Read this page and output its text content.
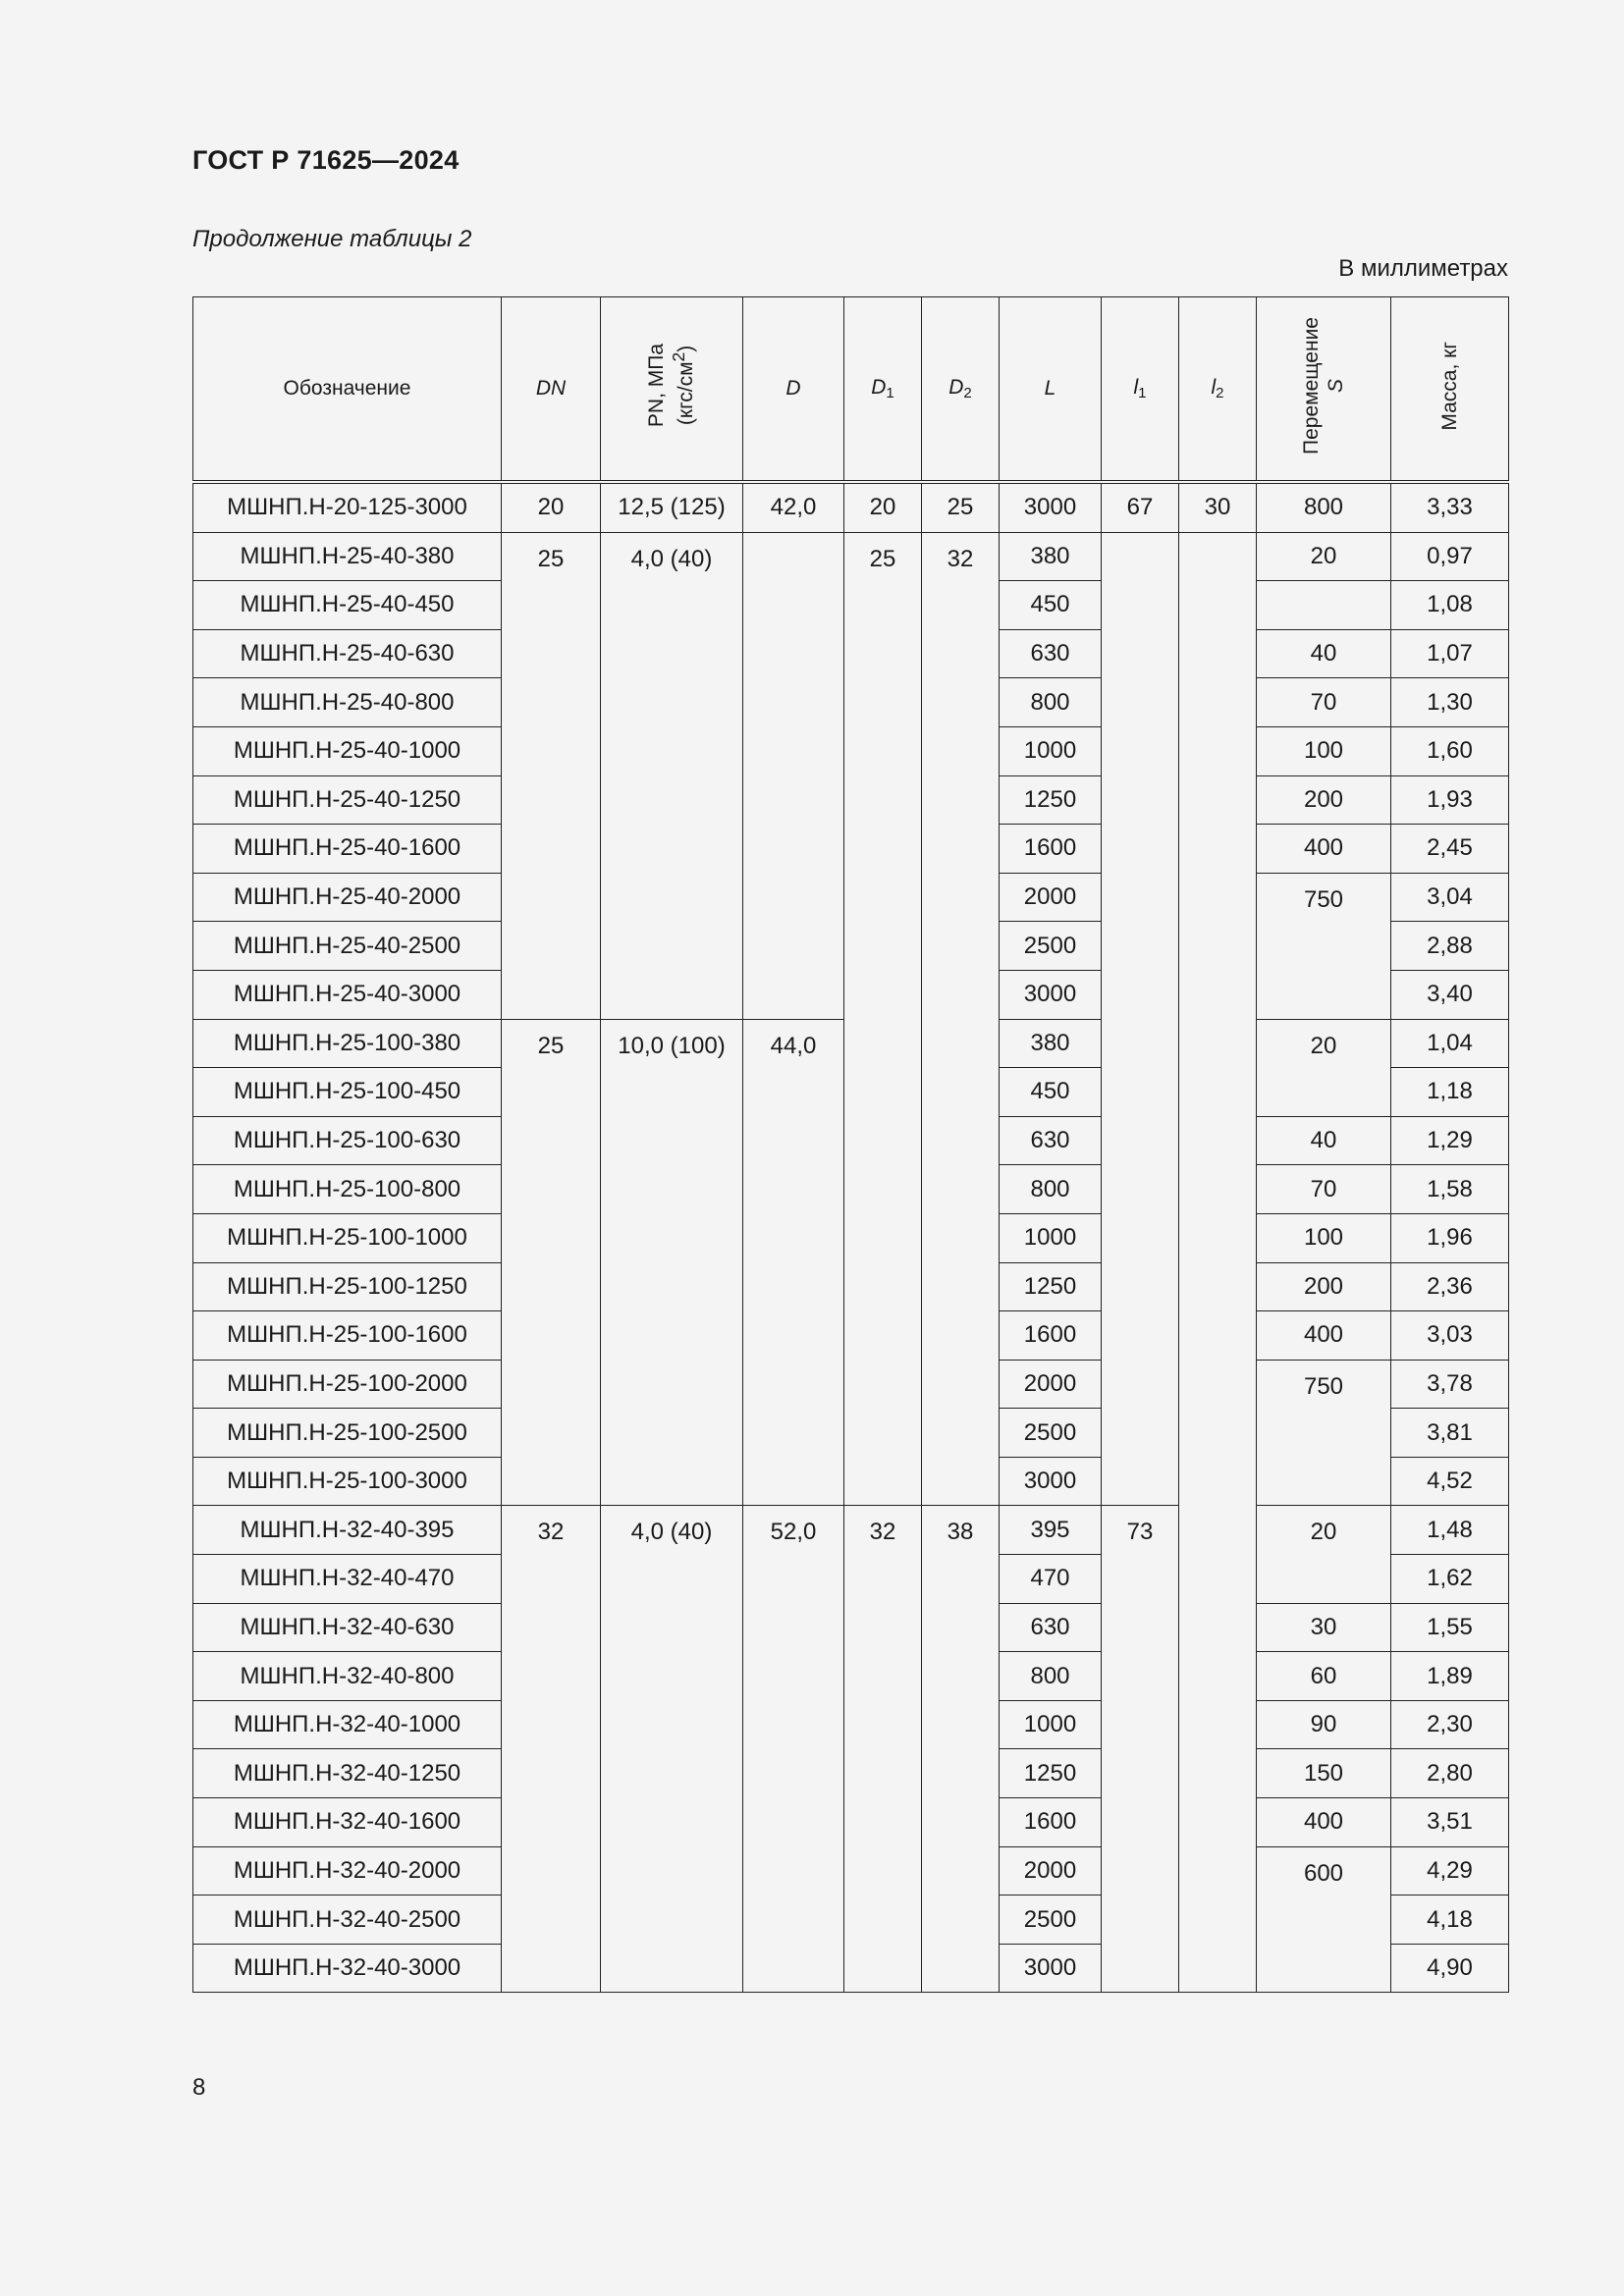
ГОСТ Р 71625—2024
Продолжение таблицы 2
В миллиметрах
Обозначение	DN	PN, МПа $(кгс/см^2)$	D	$D_1$	$D_2$	L	$l_1$	$l_2$	Перемещение S	Масса, кг
МШНП.Н-20-125-3000	20	12,5 (125)	42,0	20	25	3000	67	30	800	3,33
МШНП.Н-25-40-380	25	4,0 (40)		25	32	380			20	0,97
МШНП.Н-25-40-450						450				1,08
МШНП.Н-25-40-630						630			40	1,07
МШНП.Н-25-40-800						800			70	1,30
МШНП.Н-25-40-1000						1000			100	1,60
МШНП.Н-25-40-1250						1250			200	1,93
МШНП.Н-25-40-1600						1600			400	2,45
МШНП.Н-25-40-2000						2000			750	3,04
МШНП.Н-25-40-2500						2500				2,88
МШНП.Н-25-40-3000						3000				3,40
МШНП.Н-25-100-380	25	10,0 (100)	44,0			380			20	1,04
МШНП.Н-25-100-450						450				1,18
МШНП.Н-25-100-630						630			40	1,29
МШНП.Н-25-100-800						800			70	1,58
МШНП.Н-25-100-1000						1000			100	1,96
МШНП.Н-25-100-1250						1250			200	2,36
МШНП.Н-25-100-1600						1600			400	3,03
МШНП.Н-25-100-2000						2000			750	3,78
МШНП.Н-25-100-2500						2500				3,81
МШНП.Н-25-100-3000						3000				4,52
МШНП.Н-32-40-395	32	4,0 (40)	52,0	32	38	395	73		20	1,48
МШНП.Н-32-40-470						470				1,62
МШНП.Н-32-40-630						630			30	1,55
МШНП.Н-32-40-800						800			60	1,89
МШНП.Н-32-40-1000						1000			90	2,30
МШНП.Н-32-40-1250						1250			150	2,80
МШНП.Н-32-40-1600						1600			400	3,51
МШНП.Н-32-40-2000						2000			600	4,29
МШНП.Н-32-40-2500						2500				4,18
МШНП.Н-32-40-3000						3000				4,90
8
